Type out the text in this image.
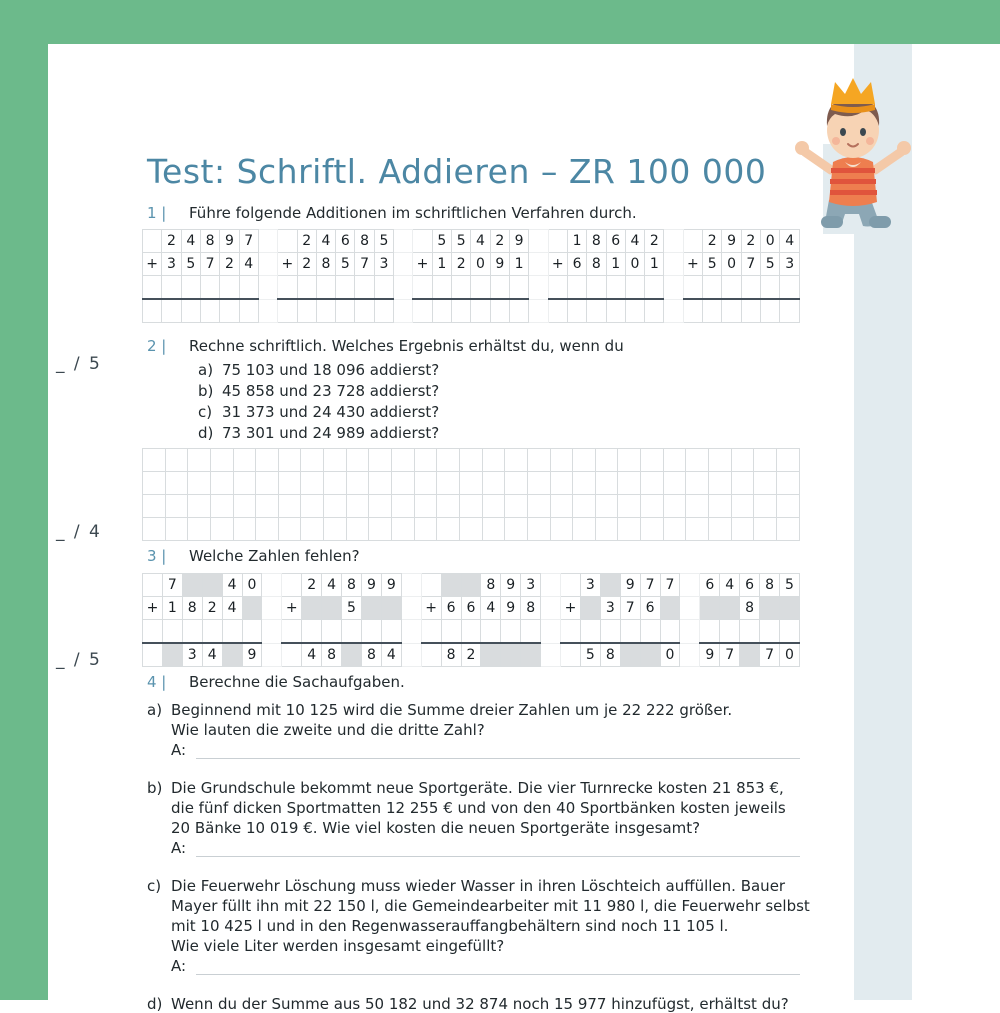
Test: Schriftl. Addieren – ZR 100 000
1 |	Führe folgende Additionen im schriftlichen Verfahren durch.
	2	4	8	9	7			2	4	6	8	5			5	5	4	2	9			1	8	6	4	2			2	9	2	0	4
+	3	5	7	2	4		+	2	8	5	7	3		+	1	2	0	9	1		+	6	8	1	0	1		+	5	0	7	5	3

2 |	Rechne schriftlich. Welches Ergebnis erhältst du, wenn du
a) 75 103 und 18 096 addierst?
b) 45 858 und 23 728 addierst?
c) 31 373 und 24 430 addierst?
d) 73 301 und 24 989 addierst?

3 |	Welche Zahlen fehlen?
	7			4	0			2	4	8	9	9					8	9	3			3		9	7	7		6	4	6	8	5
+	1	8	2	4			+			5				+	6	6	4	9	8		+		3	7	6					8		

		3	4		9			4	8		8	4			8	2						5	8			0		9	7		7	0
4 |	Berechne die Sachaufgaben.
a) Beginnend mit 10 125 wird die Summe dreier Zahlen um je 22 222 größer.
Wie lauten die zweite und die dritte Zahl?
A:
b) Die Grundschule bekommt neue Sportgeräte. Die vier Turnrecke kosten 21 853 €,
die fünf dicken Sportmatten 12 255 € und von den 40 Sportbänken kosten jeweils
20 Bänke 10 019 €. Wie viel kosten die neuen Sportgeräte insgesamt?
A:
c) Die Feuerwehr Löschung muss wieder Wasser in ihren Löschteich auffüllen. Bauer
Mayer füllt ihn mit 22 150 l, die Gemeindearbeiter mit 11 980 l, die Feuerwehr selbst
mit 10 425 l und in den Regenwasserauffangbehältern sind noch 11 105 l.
Wie viele Liter werden insgesamt eingefüllt?
A:
d) Wenn du der Summe aus 50 182 und 32 874 noch 15 977 hinzufügst, erhältst du?
_ / 5
_ / 4
_ / 5
